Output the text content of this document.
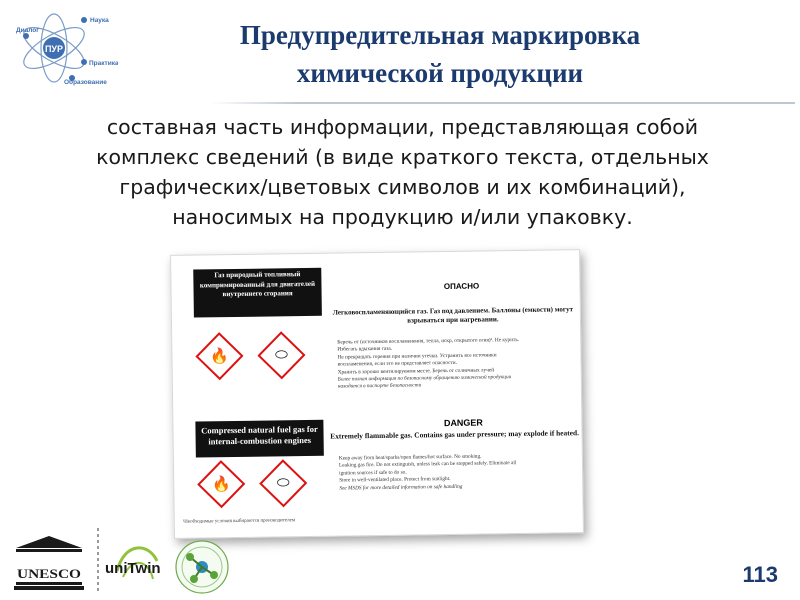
ПУР
Наука
Диалог
Практика
Образование
Предупредительная маркировка
химической продукции
составная часть информации, представляющая собой
комплекс сведений (в виде краткого текста, отдельных
графических/цветовых символов и их комбинаций),
наносимых на продукцию и/или упаковку.
Газ природный топливный компримированный для двигателей внутреннего сгорания
🔥	⬭
ОПАСНО
Легковоспламеняющийся газ. Газ под давлением. Баллоны (емкости) могут взрываться при нагревании.
Беречь от (источников воспламенения, тепла, искр, открытого огня)¹. Не курить.
Избегать вдыхания газа.
Не прекращать горения при наличии утечки. Устранить все источники
воспламенения, если это не представляет опасности.
Хранить в хорошо вентилируемом месте. Беречь от солнечных лучей
Более полная информация по безопасному обращению химической продукции
находится в паспорте безопасности
Compressed natural fuel gas for internal-combustion engines
🔥	⬭
DANGER
Extremely flammable gas. Contains gas under pressure; may explode if heated.
Keep away from heat/sparks/open flames/hot surface. No smoking.
Leaking gas fire. Do not extinguish, unless leak can be stopped safely. Eliminate all
ignition sources if safe to do so.
Store in well-ventilated place. Protect from sunlight.
See MSDS for more detailed information on safe handling
¹Необходимые условия выбираются производителем
UNESCO uniTwin	113
